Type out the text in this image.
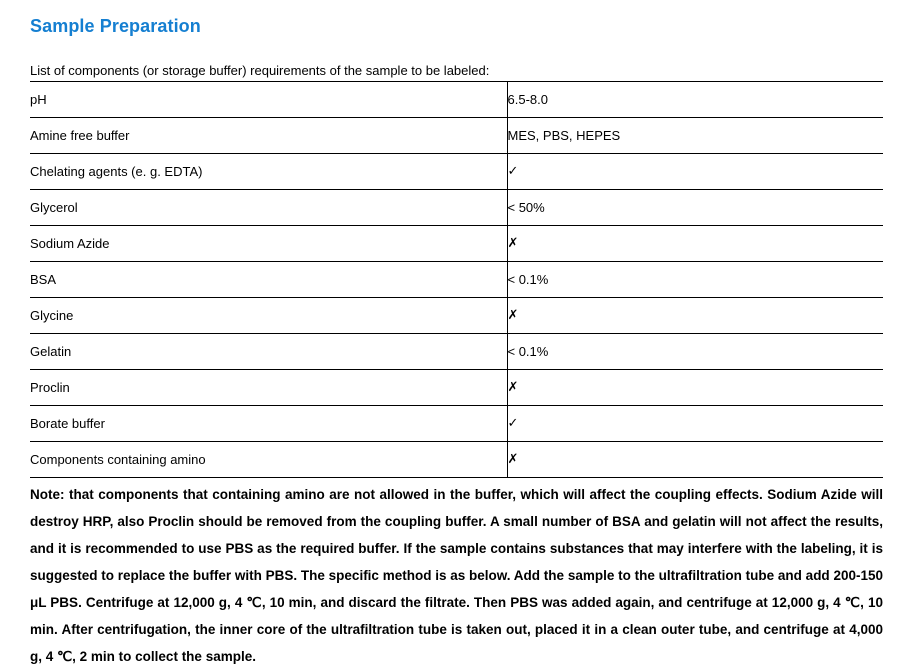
Sample Preparation

List of components (or storage buffer) requirements of the sample to be labeled:

pH	6.5-8.0
Amine free buffer	MES, PBS, HEPES
Chelating agents (e. g. EDTA)	✓
Glycerol	< 50%
Sodium Azide	✗
BSA	< 0.1%
Glycine	✗
Gelatin	< 0.1%
Proclin	✗
Borate buffer	✓
Components containing amino	✗

Note: that components that containing amino are not allowed in the buffer, which will affect the coupling effects. Sodium Azide will destroy HRP, also Proclin should be removed from the coupling buffer. A small number of BSA and gelatin will not affect the results, and it is recommended to use PBS as the required buffer. If the sample contains substances that may interfere with the labeling, it is suggested to replace the buffer with PBS. The specific method is as below. Add the sample to the ultrafiltration tube and add 200-150 μL PBS. Centrifuge at 12,000 g, 4 ℃, 10 min, and discard the filtrate. Then PBS was added again, and centrifuge at 12,000 g, 4 ℃, 10 min. After centrifugation, the inner core of the ultrafiltration tube is taken out, placed it in a clean outer tube, and centrifuge at 4,000 g, 4 ℃, 2 min to collect the sample.
